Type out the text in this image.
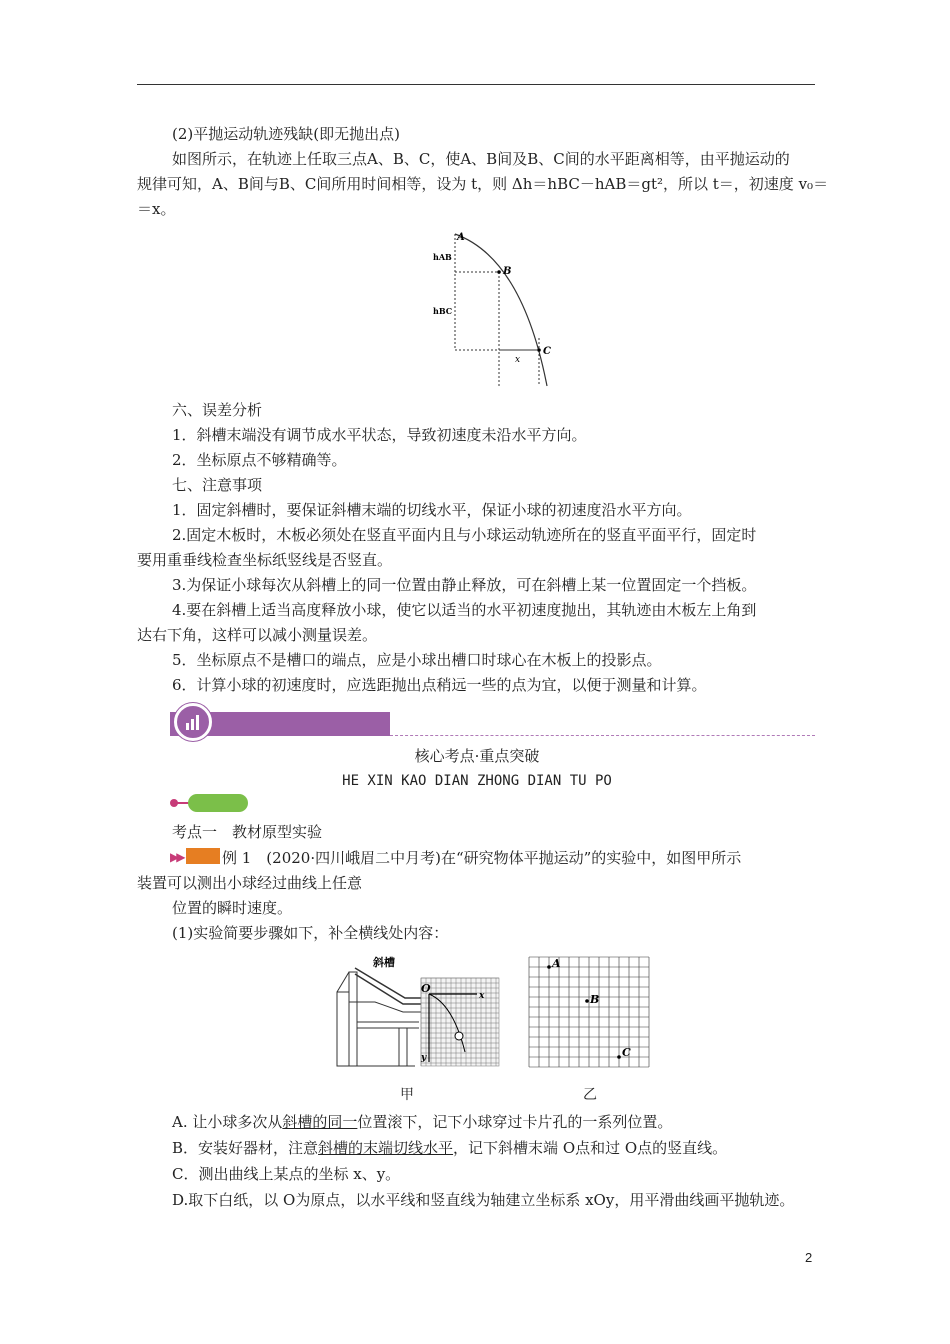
(2)平抛运动轨迹残缺(即无抛出点)
如图所示，在轨迹上任取三点A、B、C，使A、B间及B、C间的水平距离相等，由平抛运动的
规律可知，A、B间与B、C间所用时间相等，设为 t，则 Δh＝hBC－hAB＝gt²，所以 t＝，初速度 v₀＝
＝x。
A
B
C
hAB
hBC
x
六、误差分析
1．斜槽末端没有调节成水平状态，导致初速度未沿水平方向。
2．坐标原点不够精确等。
七、注意事项
1．固定斜槽时，要保证斜槽末端的切线水平，保证小球的初速度沿水平方向。
2.固定木板时，木板必须处在竖直平面内且与小球运动轨迹所在的竖直平面平行，固定时
要用重垂线检查坐标纸竖线是否竖直。
3.为保证小球每次从斜槽上的同一位置由静止释放，可在斜槽上某一位置固定一个挡板。
4.要在斜槽上适当高度释放小球，使它以适当的水平初速度抛出，其轨迹由木板左上角到
达右下角，这样可以减小测量误差。
5．坐标原点不是槽口的端点，应是小球出槽口时球心在木板上的投影点。
6．计算小球的初速度时，应选距抛出点稍远一些的点为宜，以便于测量和计算。
核心考点·重点突破
HE XIN KAO DIAN ZHONG DIAN TU PO
考点一　教材原型实验
▶▶	例 1　(2020·四川峨眉二中月考)在“研究物体平抛运动”的实验中，如图甲所示
装置可以测出小球经过曲线上任意
位置的瞬时速度。
(1)实验简要步骤如下，补全横线处内容：
斜槽
O
x
y
A
B
C
甲	乙
A. 让小球多次从斜槽的同一位置滚下，记下小球穿过卡片孔的一系列位置。
B．安装好器材，注意斜槽的末端切线水平，记下斜槽末端 O点和过 O点的竖直线。
C．测出曲线上某点的坐标 x、y。
D.取下白纸，以 O为原点，以水平线和竖直线为轴建立坐标系 xOy，用平滑曲线画平抛轨迹。
2
